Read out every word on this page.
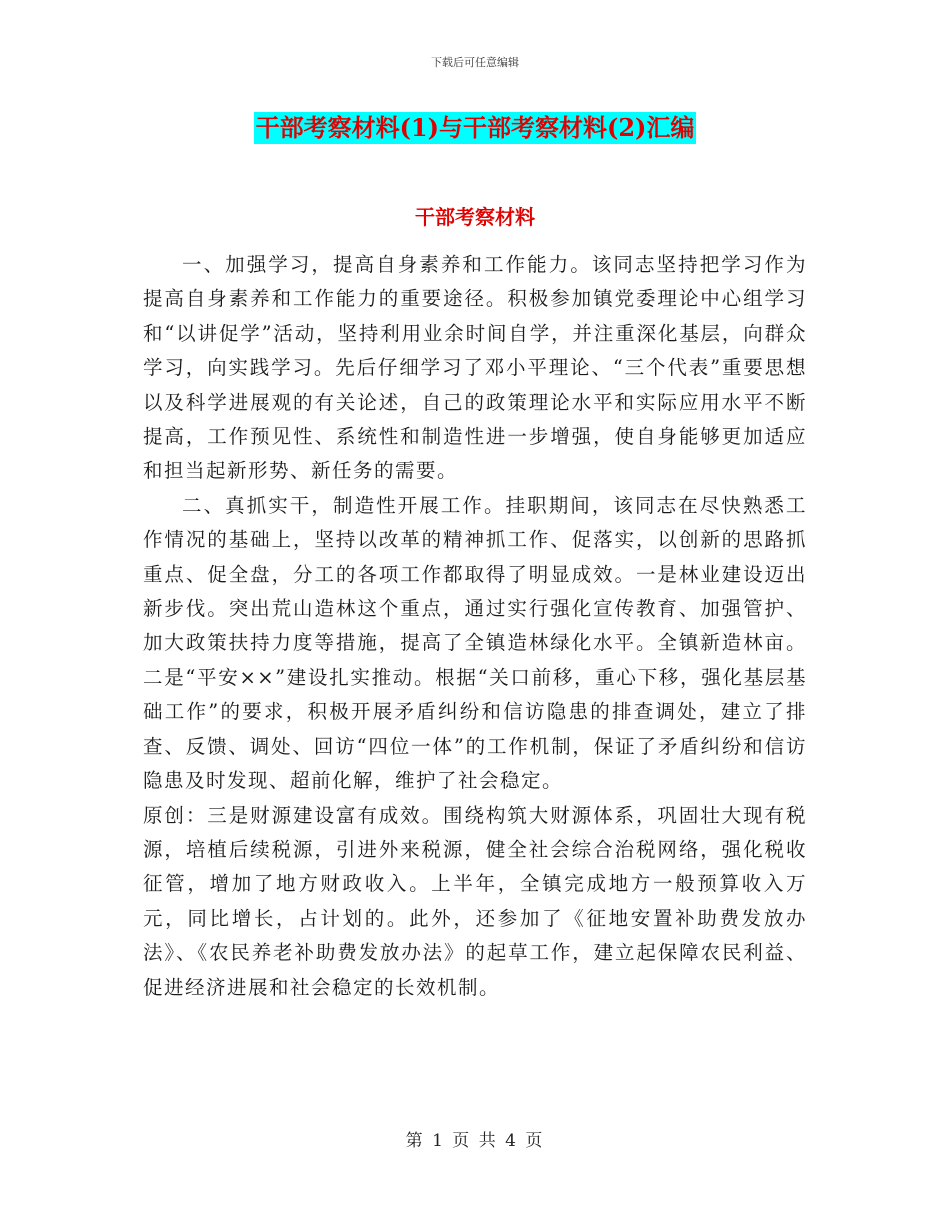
下载后可任意编辑
干部考察材料(1)与干部考察材料(2)汇编
干部考察材料

一、加强学习，提高自身素养和工作能力。该同志坚持把学习作为提高自身素养和工作能力的重要途径。积极参加镇党委理论中心组学习和“以讲促学”活动，坚持利用业余时间自学，并注重深化基层，向群众学习，向实践学习。先后仔细学习了邓小平理论、“三个代表”重要思想以及科学进展观的有关论述，自己的政策理论水平和实际应用水平不断提高，工作预见性、系统性和制造性进一步增强，使自身能够更加适应和担当起新形势、新任务的需要。

二、真抓实干，制造性开展工作。挂职期间，该同志在尽快熟悉工作情况的基础上，坚持以改革的精神抓工作、促落实，以创新的思路抓重点、促全盘，分工的各项工作都取得了明显成效。一是林业建设迈出新步伐。突出荒山造林这个重点，通过实行强化宣传教育、加强管护、加大政策扶持力度等措施，提高了全镇造林绿化水平。全镇新造林亩。二是“平安××”建设扎实推动。根据“关口前移，重心下移，强化基层基础工作”的要求，积极开展矛盾纠纷和信访隐患的排查调处，建立了排查、反馈、调处、回访“四位一体”的工作机制，保证了矛盾纠纷和信访隐患及时发现、超前化解，维护了社会稳定。

原创：三是财源建设富有成效。围绕构筑大财源体系，巩固壮大现有税源，培植后续税源，引进外来税源，健全社会综合治税网络，强化税收征管，增加了地方财政收入。上半年，全镇完成地方一般预算收入万元，同比增长，占计划的。此外，还参加了《征地安置补助费发放办法》、《农民养老补助费发放办法》的起草工作，建立起保障农民利益、促进经济进展和社会稳定的长效机制。

第 1 页 共 4 页
